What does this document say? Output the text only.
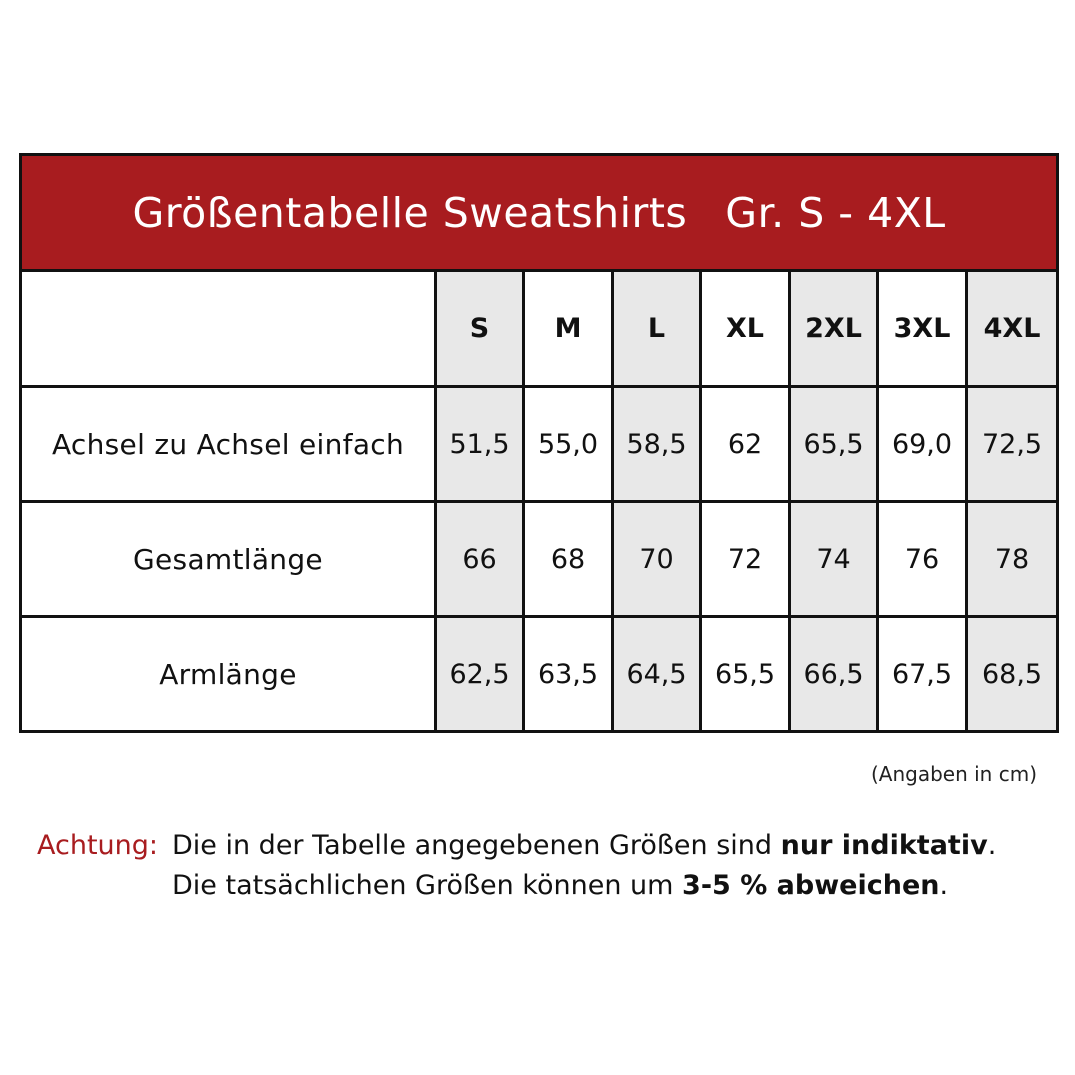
Größentabelle Sweatshirts Gr. S - 4XL							
	S	M	L	XL	2XL	3XL	4XL
Achsel zu Achsel einfach	51,5	55,0	58,5	62	65,5	69,0	72,5
Gesamtlänge	66	68	70	72	74	76	78
Armlänge	62,5	63,5	64,5	65,5	66,5	67,5	68,5
(Angaben in cm)
Achtung: Die in der Tabelle angegebenen Größen sind nur indiktativ.
Die tatsächlichen Größen können um 3-5 % abweichen.
